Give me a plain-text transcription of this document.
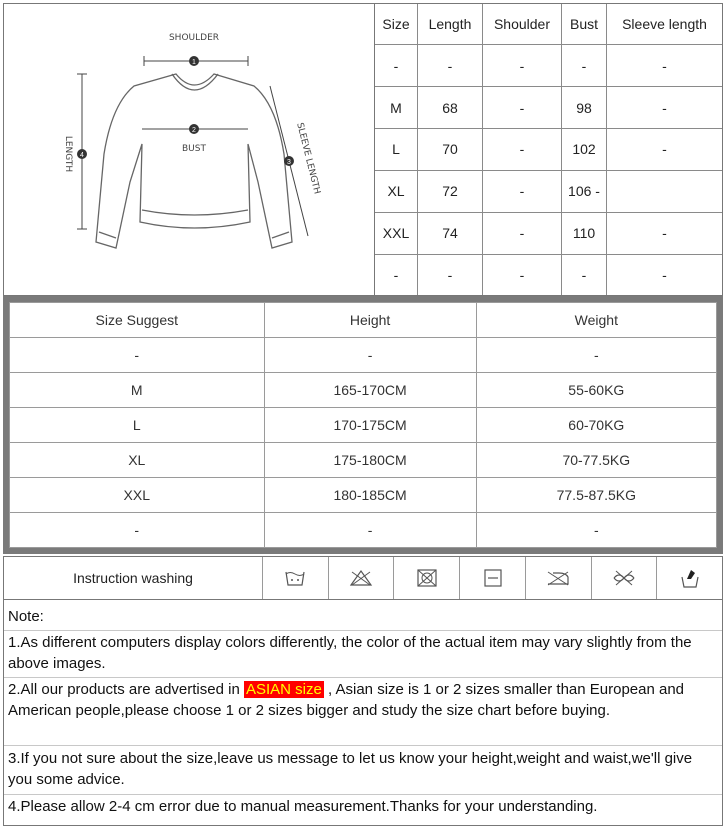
1
SHOULDER
2
BUST
4
LENGTH	3 SLEEVE LENGTH
Size	Length	Shoulder	Bust	Sleeve length
-	-	-	-	-
M	68	-	98	-
L	70	-	102	-
XL	72	-	106 -	
XXL	74	-	110	-
-	-	-	-	-
Size Suggest	Height	Weight
-	-	-
M	165-170CM	55-60KG
L	170-175CM	60-70KG
XL	175-180CM	70-77.5KG
XXL	180-185CM	77.5-87.5KG
-	-	-
Instruction washing
Note:

1.As different computers display colors differently, the color of the actual item may vary slightly from the above images.

2.All our products are advertised in ASIAN size , Asian size is 1 or 2 sizes smaller than European and

American people,please choose 1 or 2 sizes bigger and study the size chart before buying.

3.If you not sure about the size,leave us message to let us know your height,weight and waist,we'll give you some advice.

4.Please allow 2-4 cm error due to manual measurement.Thanks for your understanding.
